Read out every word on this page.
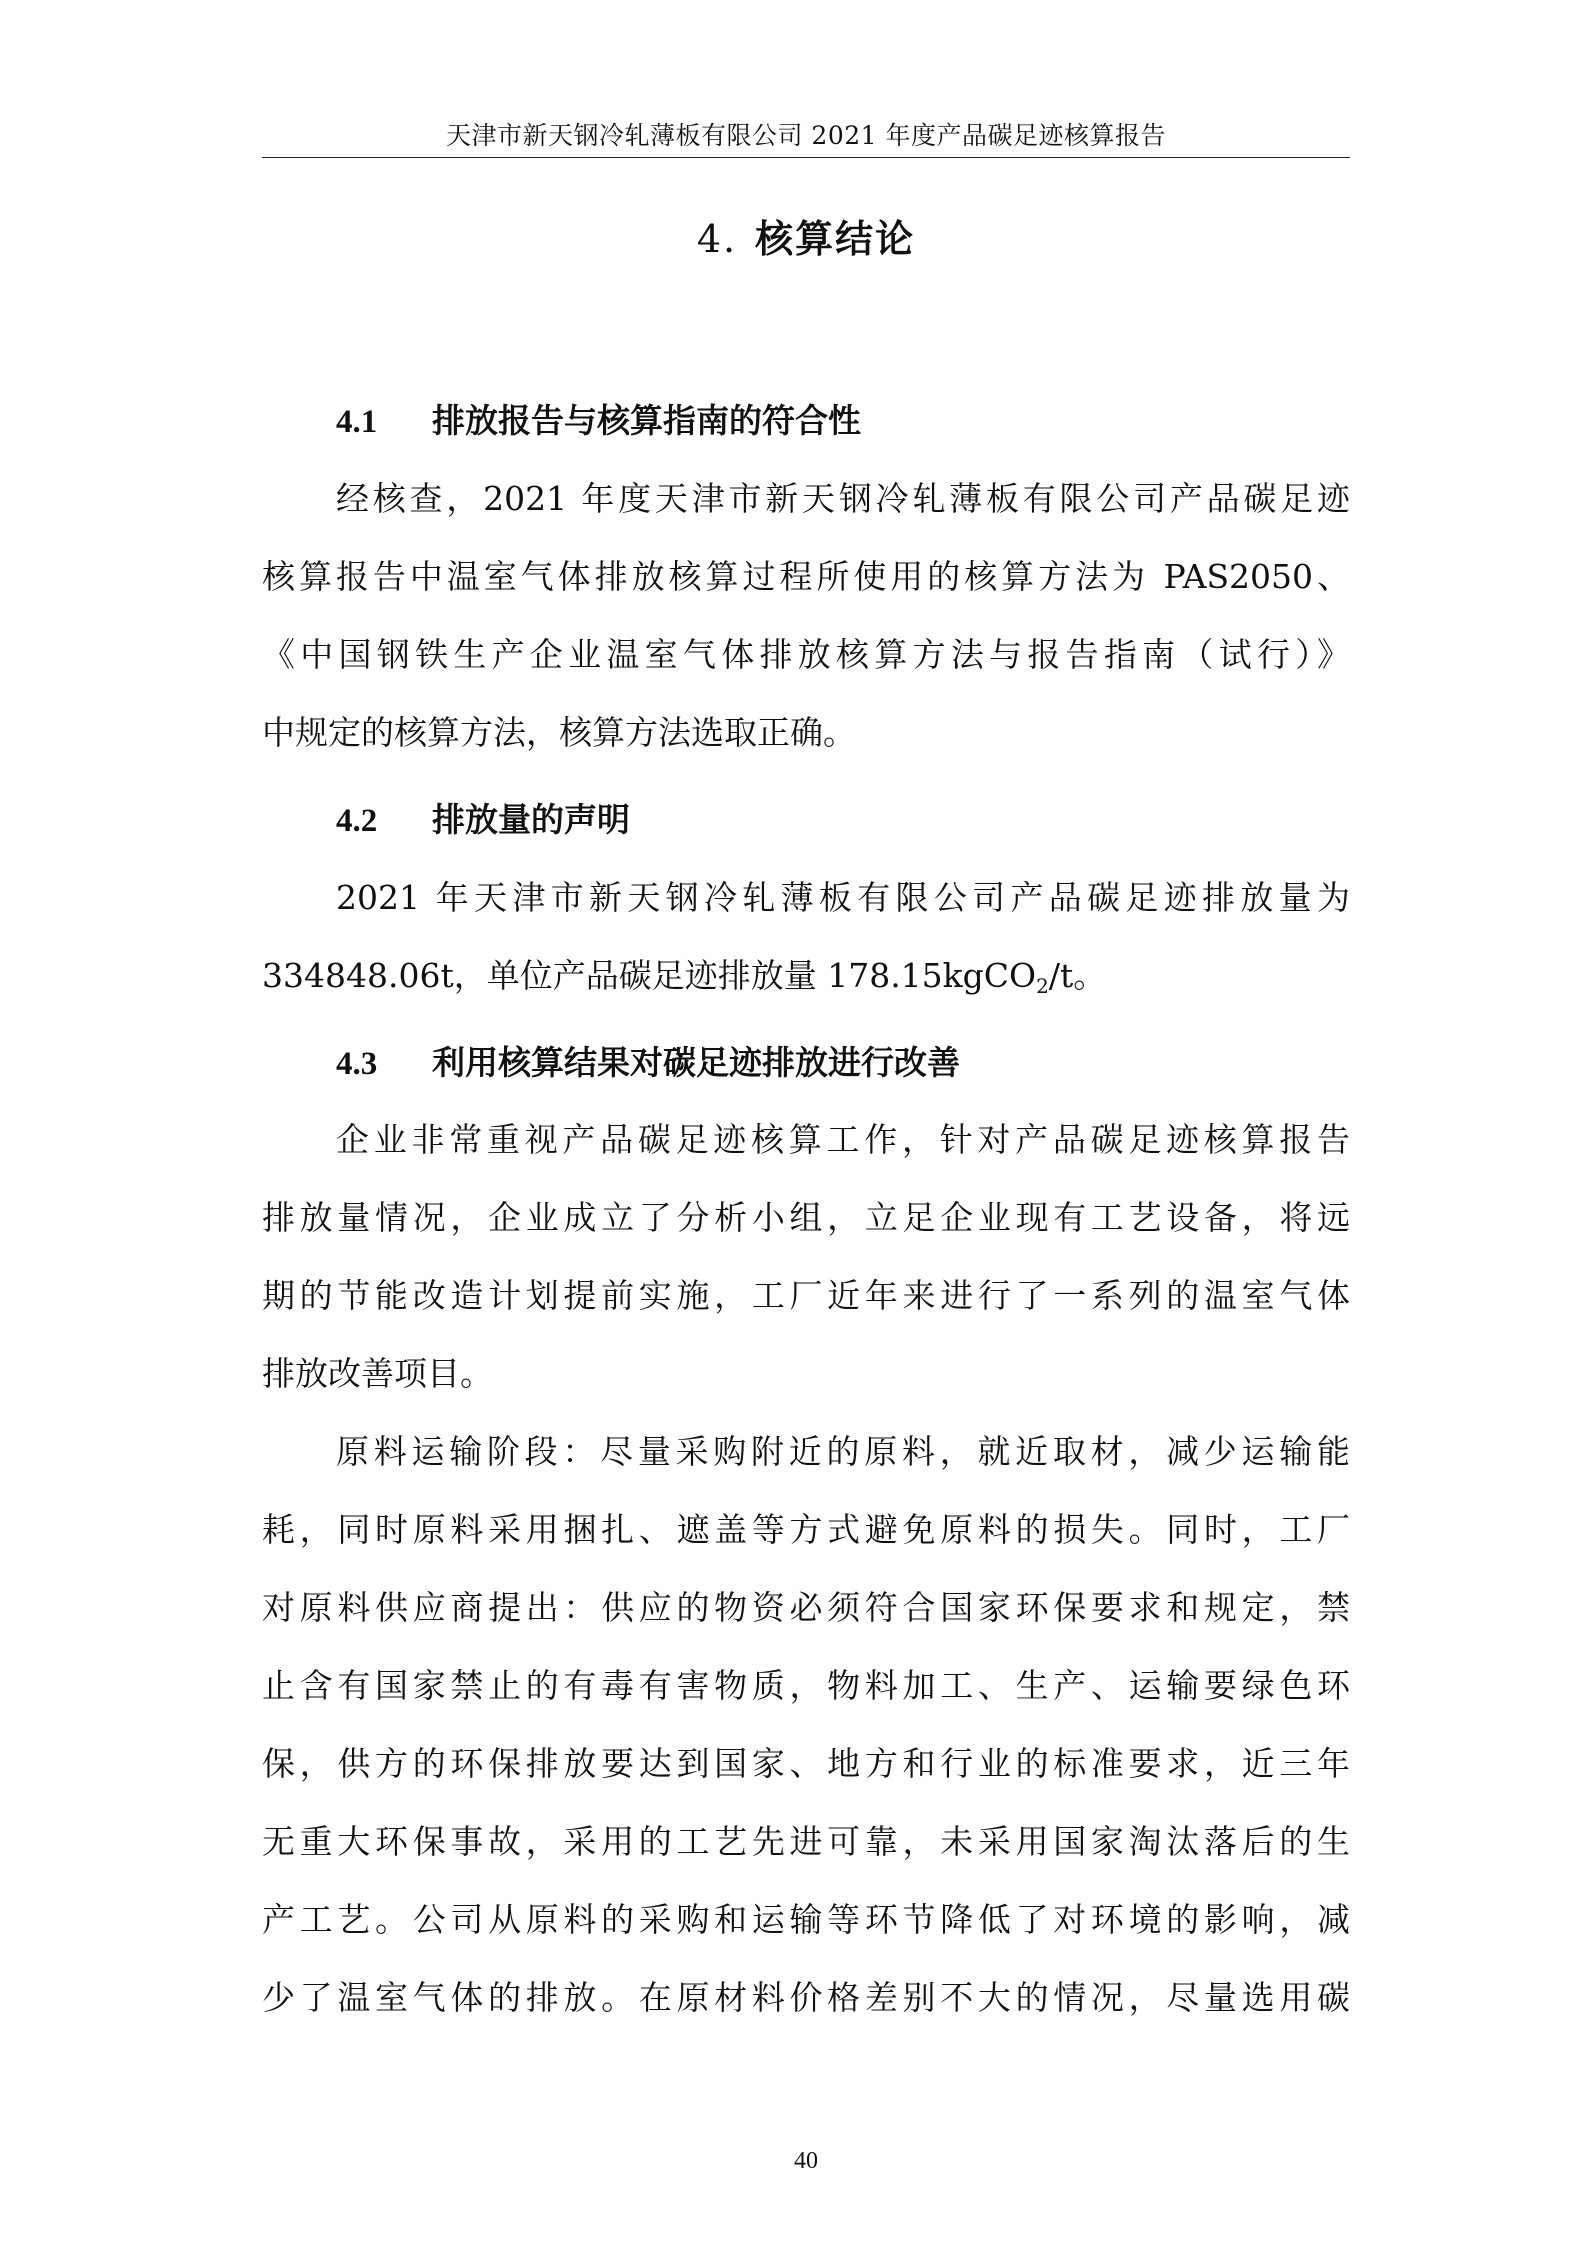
天津市新天钢冷轧薄板有限公司 2021 年度产品碳足迹核算报告
4. 核算结论
4.1 排放报告与核算指南的符合性
经核查，2021 年度天津市新天钢冷轧薄板有限公司产品碳足迹
核算报告中温室气体排放核算过程所使用的核算方法为 PAS2050、
《中国钢铁生产企业温室气体排放核算方法与报告指南（试行）》
中规定的核算方法，核算方法选取正确。
4.2 排放量的声明
2021 年天津市新天钢冷轧薄板有限公司产品碳足迹排放量为
334848.06t，单位产品碳足迹排放量 178.15kgCO$_2$/t。
4.3 利用核算结果对碳足迹排放进行改善
企业非常重视产品碳足迹核算工作，针对产品碳足迹核算报告
排放量情况，企业成立了分析小组，立足企业现有工艺设备，将远
期的节能改造计划提前实施，工厂近年来进行了一系列的温室气体
排放改善项目。
原料运输阶段：尽量采购附近的原料，就近取材，减少运输能
耗，同时原料采用捆扎、遮盖等方式避免原料的损失。同时，工厂
对原料供应商提出：供应的物资必须符合国家环保要求和规定，禁
止含有国家禁止的有毒有害物质，物料加工、生产、运输要绿色环
保，供方的环保排放要达到国家、地方和行业的标准要求，近三年
无重大环保事故，采用的工艺先进可靠，未采用国家淘汰落后的生
产工艺。公司从原料的采购和运输等环节降低了对环境的影响，减
少了温室气体的排放。在原材料价格差别不大的情况，尽量选用碳
40
